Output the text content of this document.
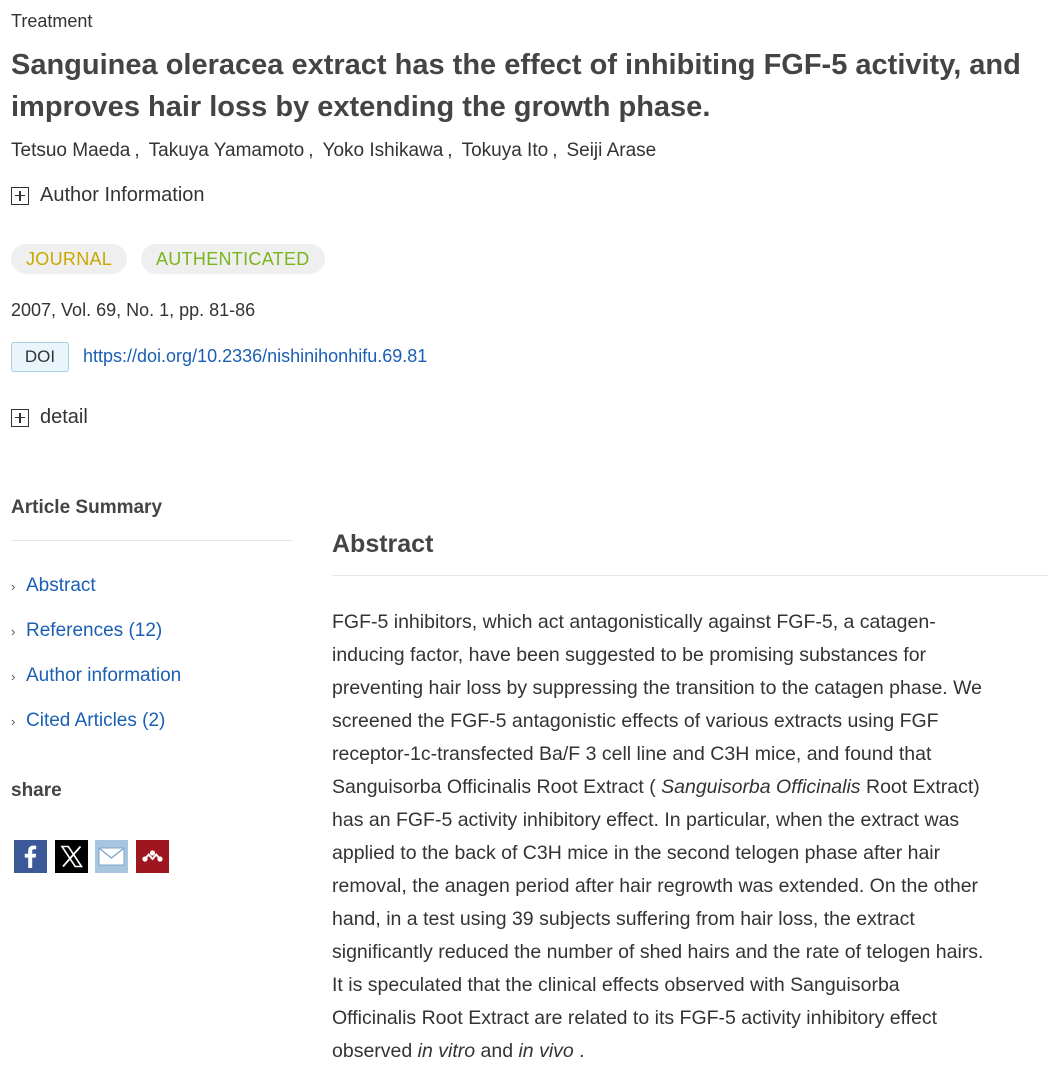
Treatment
Sanguinea oleracea extract has the effect of inhibiting FGF-5 activity, and improves hair loss by extending the growth phase.
Tetsuo Maeda , Takuya Yamamoto , Yoko Ishikawa , Tokuya Ito , Seiji Arase
Author Information
JOURNAL	AUTHENTICATED
2007, Vol. 69, No. 1, pp. 81-86
DOI	https://doi.org/10.2336/nishinihonhifu.69.81
detail
Article Summary
› Abstract
› References (12)
› Author information
› Cited Articles (2)
share
Abstract
FGF-5 inhibitors, which act antagonistically against FGF-5, a catagen-
inducing factor, have been suggested to be promising substances for
preventing hair loss by suppressing the transition to the catagen phase. We
screened the FGF-5 antagonistic effects of various extracts using FGF
receptor-1c-transfected Ba/F 3 cell line and C3H mice, and found that
Sanguisorba Officinalis Root Extract ( Sanguisorba Officinalis Root Extract)
has an FGF-5 activity inhibitory effect. In particular, when the extract was
applied to the back of C3H mice in the second telogen phase after hair
removal, the anagen period after hair regrowth was extended. On the other
hand, in a test using 39 subjects suffering from hair loss, the extract
significantly reduced the number of shed hairs and the rate of telogen hairs.
It is speculated that the clinical effects observed with Sanguisorba
Officinalis Root Extract are related to its FGF-5 activity inhibitory effect
observed in vitro and in vivo .
